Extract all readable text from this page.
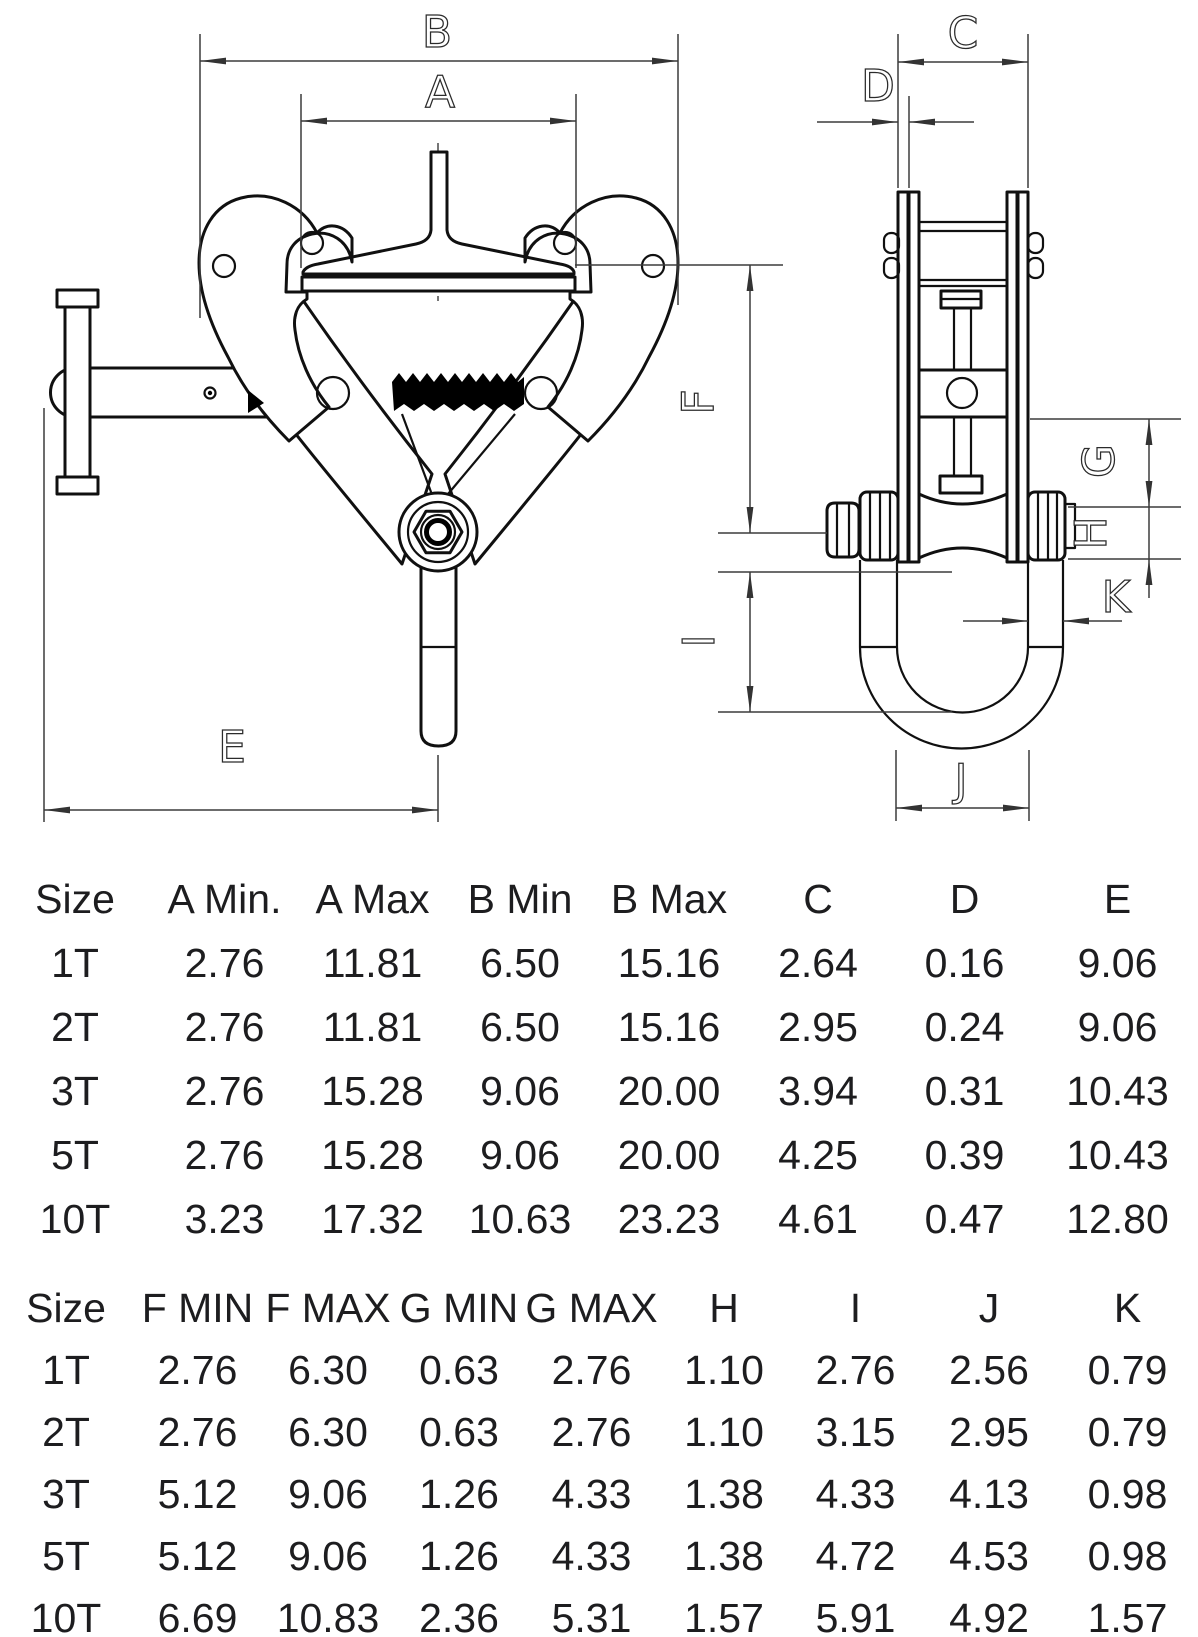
B
A
E
C
D
F
I
G
H
K
J
Size	A Min.	A Max	B Min	B Max	C	D	E
1T	2.76	11.81	6.50	15.16	2.64	0.16	9.06
2T	2.76	11.81	6.50	15.16	2.95	0.24	9.06
3T	2.76	15.28	9.06	20.00	3.94	0.31	10.43
5T	2.76	15.28	9.06	20.00	4.25	0.39	10.43
10T	3.23	17.32	10.63	23.23	4.61	0.47	12.80
Size	F MIN	F MAX	G MIN	G MAX	H	I	J	K
1T	2.76	6.30	0.63	2.76	1.10	2.76	2.56	0.79
2T	2.76	6.30	0.63	2.76	1.10	3.15	2.95	0.79
3T	5.12	9.06	1.26	4.33	1.38	4.33	4.13	0.98
5T	5.12	9.06	1.26	4.33	1.38	4.72	4.53	0.98
10T	6.69	10.83	2.36	5.31	1.57	5.91	4.92	1.57
